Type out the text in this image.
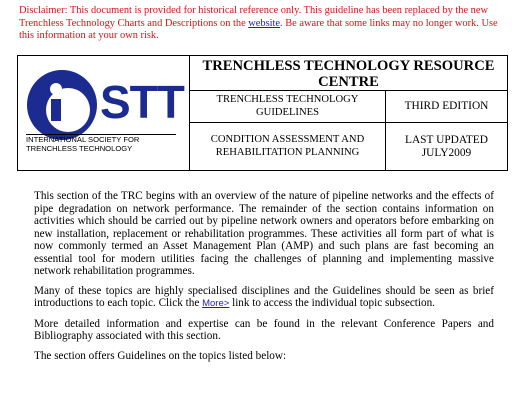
Disclaimer: This document is provided for historical reference only. This guideline has been replaced by the new Trenchless Technology Charts and Descriptions on the website. Be aware that some links may no longer work. Use this information at your own risk.
STT
INTERNATIONAL SOCIETY FOR
TRENCHLESS TECHNOLOGY
TRENCHLESS TECHNOLOGY RESOURCE CENTRE
TRENCHLESS TECHNOLOGY GUIDELINES	THIRD EDITION
CONDITION ASSESSMENT AND REHABILITATION PLANNING
LAST UPDATED JULY2009

This section of the TRC begins with an overview of the nature of pipeline networks and the effects of pipe degradation on network performance. The remainder of the section contains information on activities which should be carried out by pipeline network owners and operators before embarking on new installation, replacement or rehabilitation programmes. These activities all form part of what is now commonly termed an Asset Management Plan (AMP) and such plans are fast becoming an essential tool for modern utilities facing the challenges of planning and implementing massive network rehabilitation programmes.

Many of these topics are highly specialised disciplines and the Guidelines should be seen as brief introductions to each topic. Click the More> link to access the individual topic subsection.

More detailed information and expertise can be found in the relevant Conference Papers and Bibliography associated with this section.

The section offers Guidelines on the topics listed below:
